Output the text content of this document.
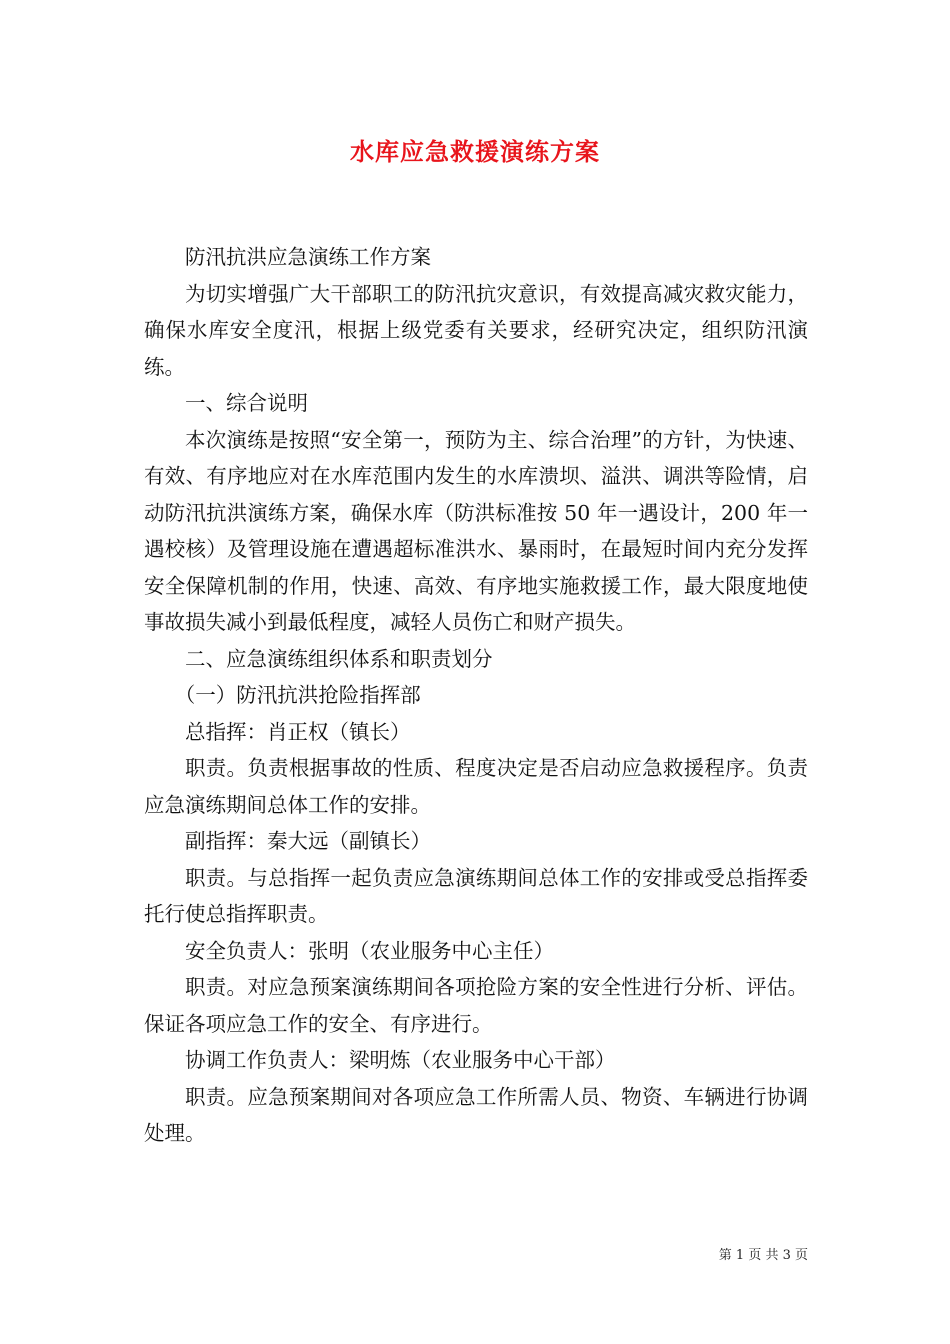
水库应急救援演练方案

防汛抗洪应急演练工作方案

为切实增强广大干部职工的防汛抗灾意识，有效提高减灾救灾能力，确保水库安全度汛，根据上级党委有关要求，经研究决定，组织防汛演练。

一、综合说明

本次演练是按照“安全第一，预防为主、综合治理”的方针，为快速、有效、有序地应对在水库范围内发生的水库溃坝、溢洪、调洪等险情，启动防汛抗洪演练方案，确保水库（防洪标准按 50 年一遇设计，200 年一遇校核）及管理设施在遭遇超标准洪水、暴雨时，在最短时间内充分发挥安全保障机制的作用，快速、高效、有序地实施救援工作，最大限度地使事故损失减小到最低程度，减轻人员伤亡和财产损失。

二、应急演练组织体系和职责划分

（一）防汛抗洪抢险指挥部

总指挥：肖正权（镇长）

职责。负责根据事故的性质、程度决定是否启动应急救援程序。负责应急演练期间总体工作的安排。

副指挥：秦大远（副镇长）

职责。与总指挥一起负责应急演练期间总体工作的安排或受总指挥委托行使总指挥职责。

安全负责人：张明（农业服务中心主任）

职责。对应急预案演练期间各项抢险方案的安全性进行分析、评估。保证各项应急工作的安全、有序进行。

协调工作负责人：梁明炼（农业服务中心干部）

职责。应急预案期间对各项应急工作所需人员、物资、车辆进行协调处理。

第 1 页 共 3 页
